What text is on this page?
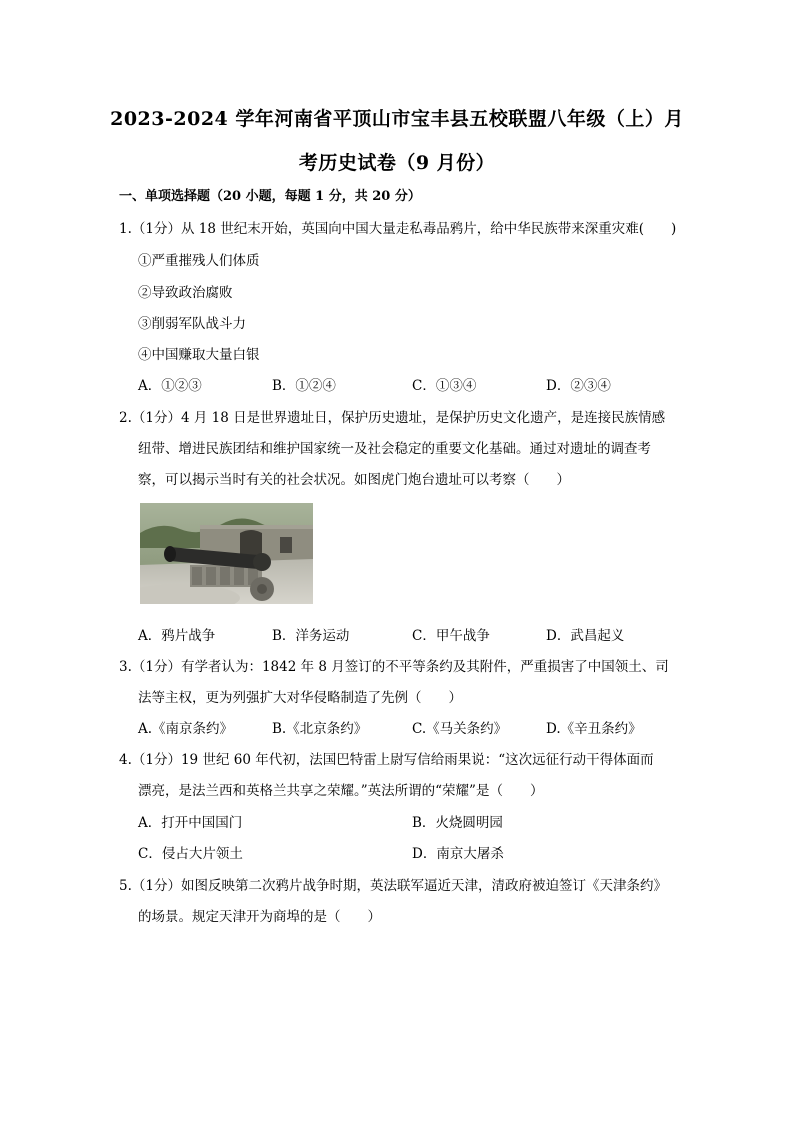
2023-2024 学年河南省平顶山市宝丰县五校联盟八年级（上）月
考历史试卷（9 月份）
一、单项选择题（20 小题，每题 1 分，共 20 分）
1.（1分）从 18 世纪末开始，英国向中国大量走私毒品鸦片，给中华民族带来深重灾难(　　)
①严重摧残人们体质
②导致政治腐败
③削弱军队战斗力
④中国赚取大量白银
A．①②③	B．①②④	C．①③④	D．②③④
2.（1分）4 月 18 日是世界遗址日，保护历史遗址，是保护历史文化遗产，是连接民族情感
纽带、增进民族团结和维护国家统一及社会稳定的重要文化基础。通过对遗址的调查考
察，可以揭示当时有关的社会状况。如图虎门炮台遗址可以考察（　　）
A．鸦片战争	B．洋务运动	C．甲午战争	D．武昌起义
3.（1分）有学者认为：1842 年 8 月签订的不平等条约及其附件，严重损害了中国领土、司
法等主权，更为列强扩大对华侵略制造了先例（　　）
A.《南京条约》	B.《北京条约》	C.《马关条约》	D.《辛丑条约》
4.（1分）19 世纪 60 年代初，法国巴特雷上尉写信给雨果说：“这次远征行动干得体面而
漂亮，是法兰西和英格兰共享之荣耀。”英法所谓的“荣耀”是（　　）
A．打开中国国门	B．火烧圆明园
C．侵占大片领土	D．南京大屠杀
5.（1分）如图反映第二次鸦片战争时期，英法联军逼近天津，清政府被迫签订《天津条约》
的场景。规定天津开为商埠的是（　　）
